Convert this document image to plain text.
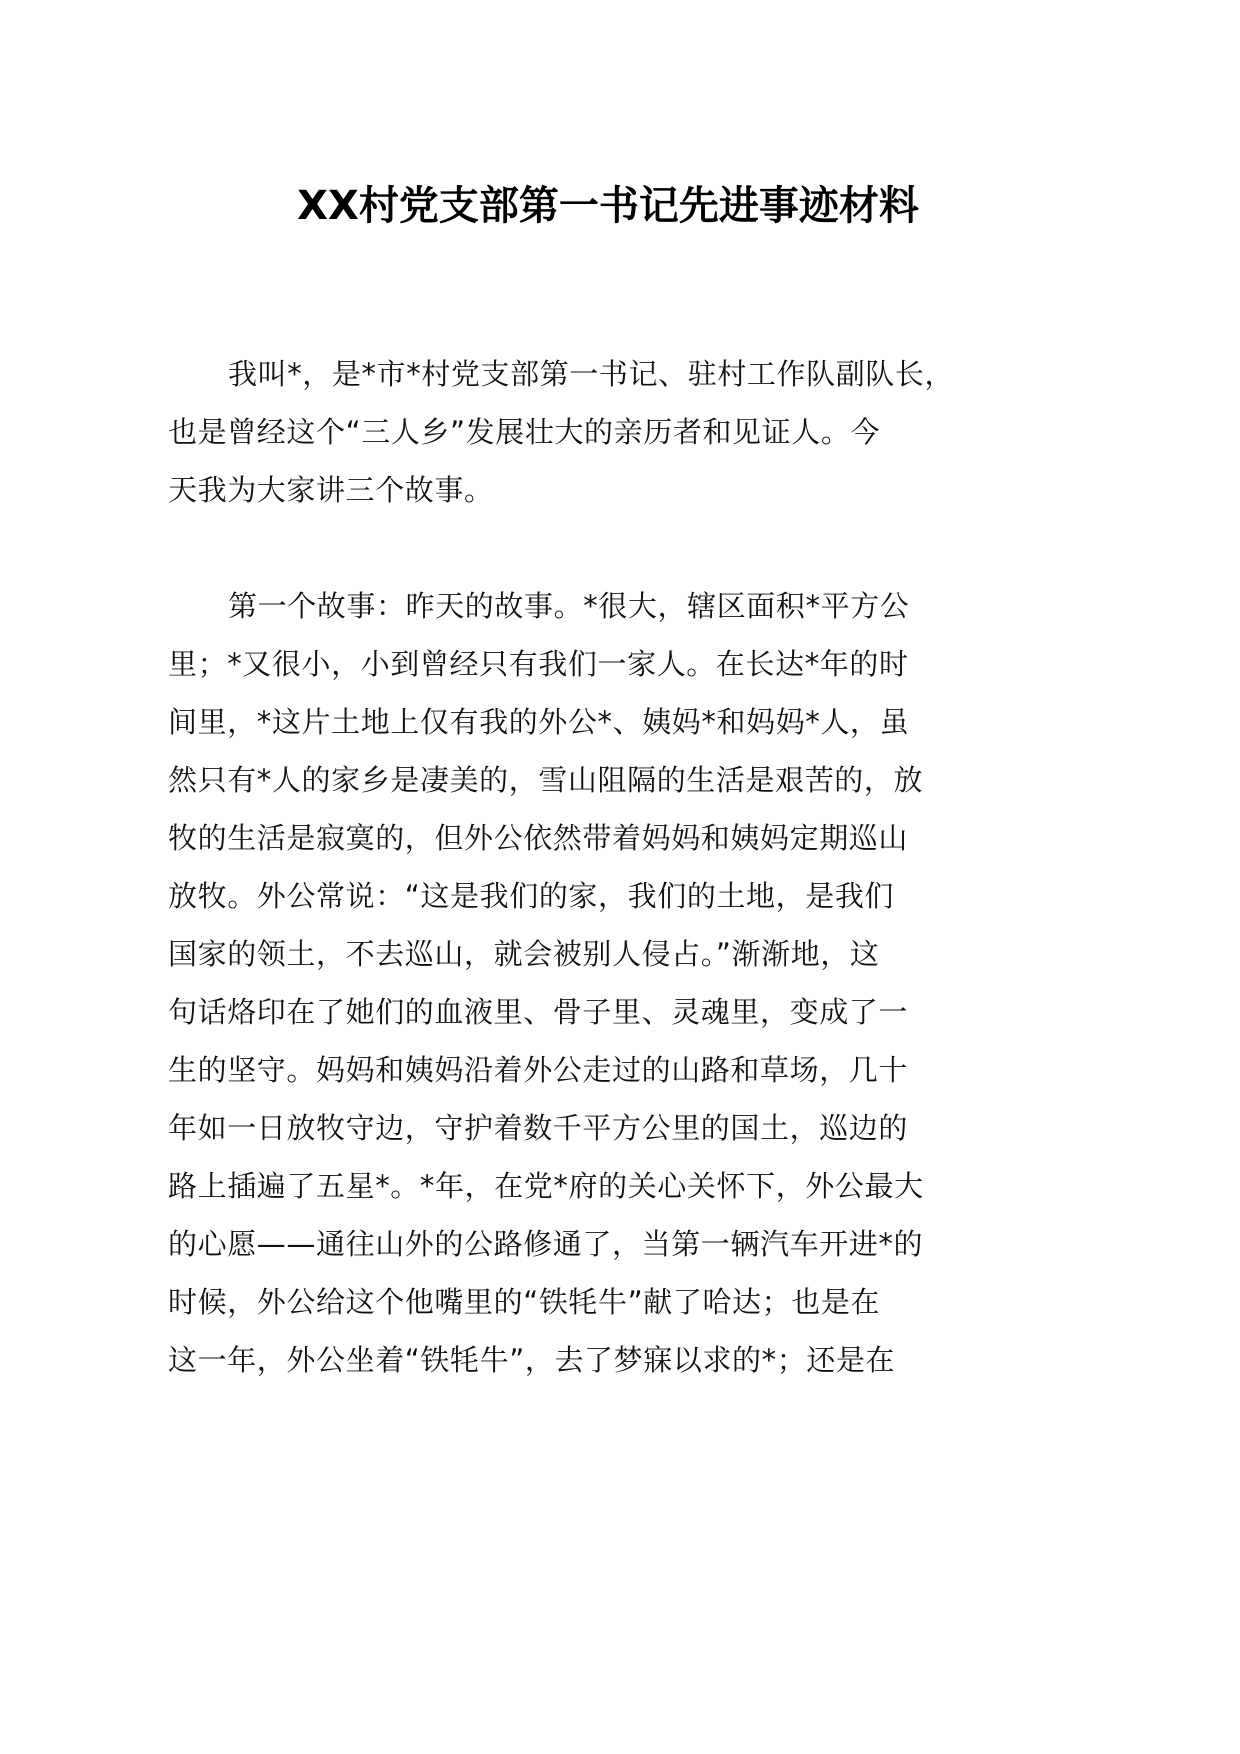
XX村党支部第一书记先进事迹材料
我叫*，是*市*村党支部第一书记、驻村工作队副队长，
也是曾经这个“三人乡”发展壮大的亲历者和见证人。今
天我为大家讲三个故事。
第一个故事：昨天的故事。*很大，辖区面积*平方公
里；*又很小，小到曾经只有我们一家人。在长达*年的时
间里，*这片土地上仅有我的外公*、姨妈*和妈妈*人，虽
然只有*人的家乡是凄美的，雪山阻隔的生活是艰苦的，放
牧的生活是寂寞的，但外公依然带着妈妈和姨妈定期巡山
放牧。外公常说：“这是我们的家，我们的土地，是我们
国家的领土，不去巡山，就会被别人侵占。”渐渐地，这
句话烙印在了她们的血液里、骨子里、灵魂里，变成了一
生的坚守。妈妈和姨妈沿着外公走过的山路和草场，几十
年如一日放牧守边，守护着数千平方公里的国土，巡边的
路上插遍了五星*。*年，在党*府的关心关怀下，外公最大
的心愿——通往山外的公路修通了，当第一辆汽车开进*的
时候，外公给这个他嘴里的“铁牦牛”献了哈达；也是在
这一年，外公坐着“铁牦牛”，去了梦寐以求的*；还是在
